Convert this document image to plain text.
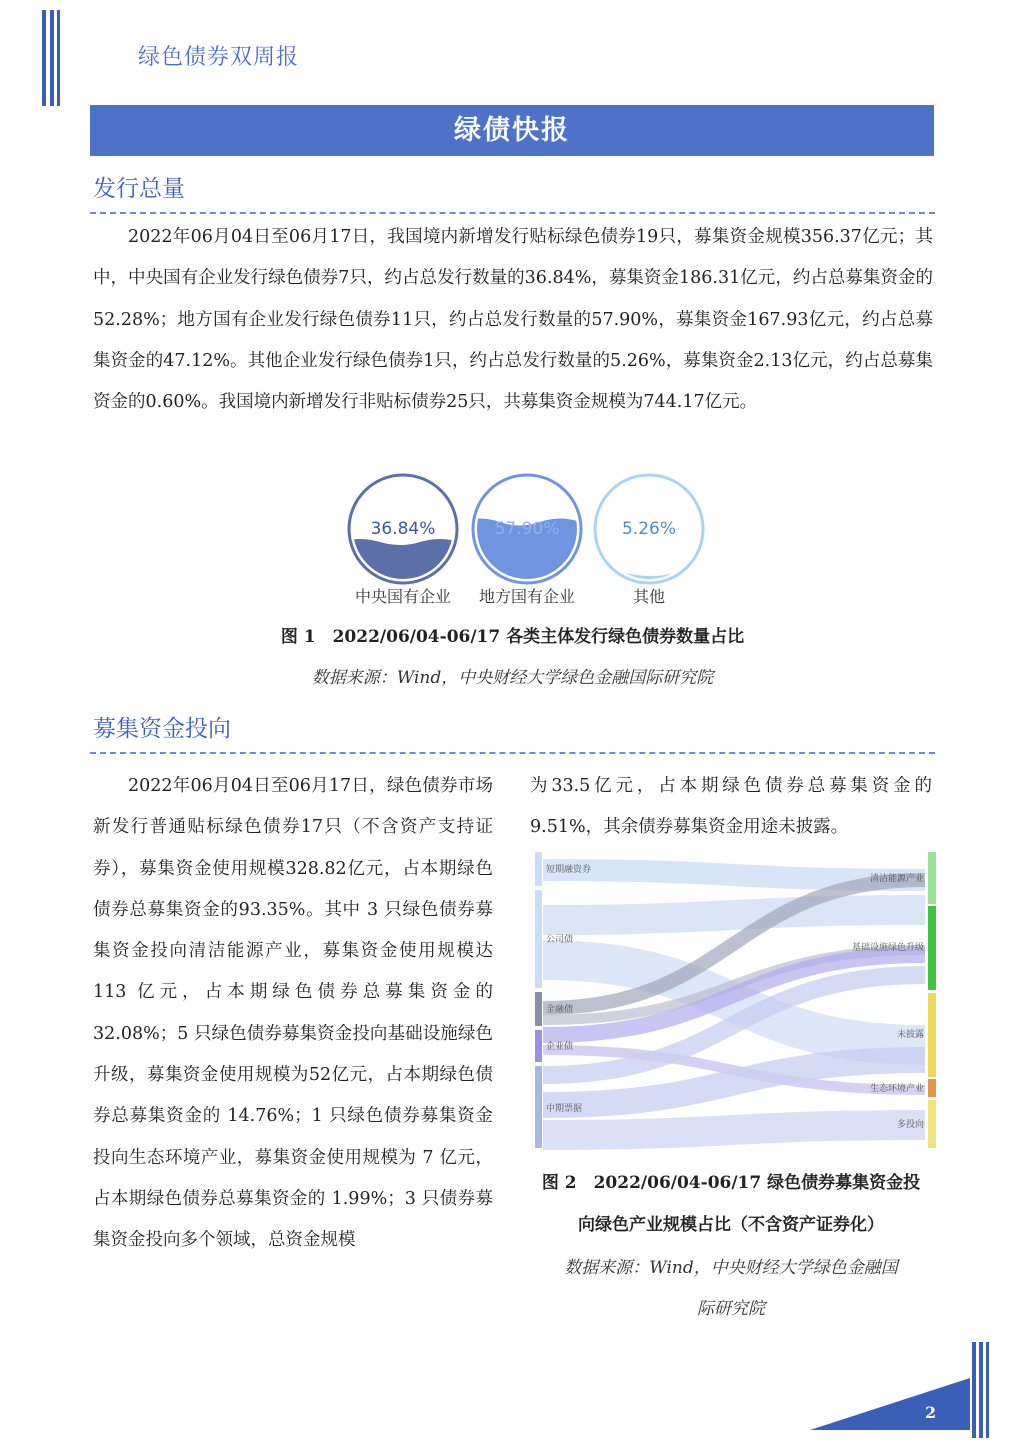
绿色债券双周报
绿债快报
发行总量

2022年06月04日至06月17日，我国境内新增发行贴标绿色债券19只，募集资金规模356.37亿元；其中，中央国有企业发行绿色债券7只，约占总发行数量的36.84%，募集资金186.31亿元，约占总募集资金的52.28%；地方国有企业发行绿色债券11只，约占总发行数量的57.90%，募集资金167.93亿元，约占总募集资金的47.12%。其他企业发行绿色债券1只，约占总发行数量的5.26%，募集资金2.13亿元，约占总募集资金的0.60%。我国境内新增发行非贴标债券25只，共募集资金规模为744.17亿元。

36.84%	57.90%	5.26%
中央国有企业	地方国有企业	其他
图 1　2022/06/04-06/17 各类主体发行绿色债券数量占比
数据来源：Wind，中央财经大学绿色金融国际研究院
募集资金投向

2022年06月04日至06月17日，绿色债券市场新发行普通贴标绿色债券17只（不含资产支持证券），募集资金使用规模328.82亿元，占本期绿色债券总募集资金的93.35%。其中 3 只绿色债券募集资金投向清洁能源产业，募集资金使用规模达113 亿元，占本期绿色债券总募集资金的 32.08%；5 只绿色债券募集资金投向基础设施绿色升级，募集资金使用规模为52亿元，占本期绿色债券总募集资金的 14.76%；1 只绿色债券募集资金投向生态环境产业，募集资金使用规模为 7 亿元，占本期绿色债券总募集资金的 1.99%；3 只债券募集资金投向多个领域，总资金规模

为33.5亿元，占本期绿色债券总募集资金的9.51%，其余债券募集资金用途未披露。

短期融资券
公司债
金融债
企业债
中期票据
清洁能源产业
基础设施绿色升级
未披露
生态环境产业
多投向
图 2　2022/06/04-06/17 绿色债券募集资金投
向绿色产业规模占比（不含资产证券化）
数据来源：Wind，中央财经大学绿色金融国
际研究院
2
